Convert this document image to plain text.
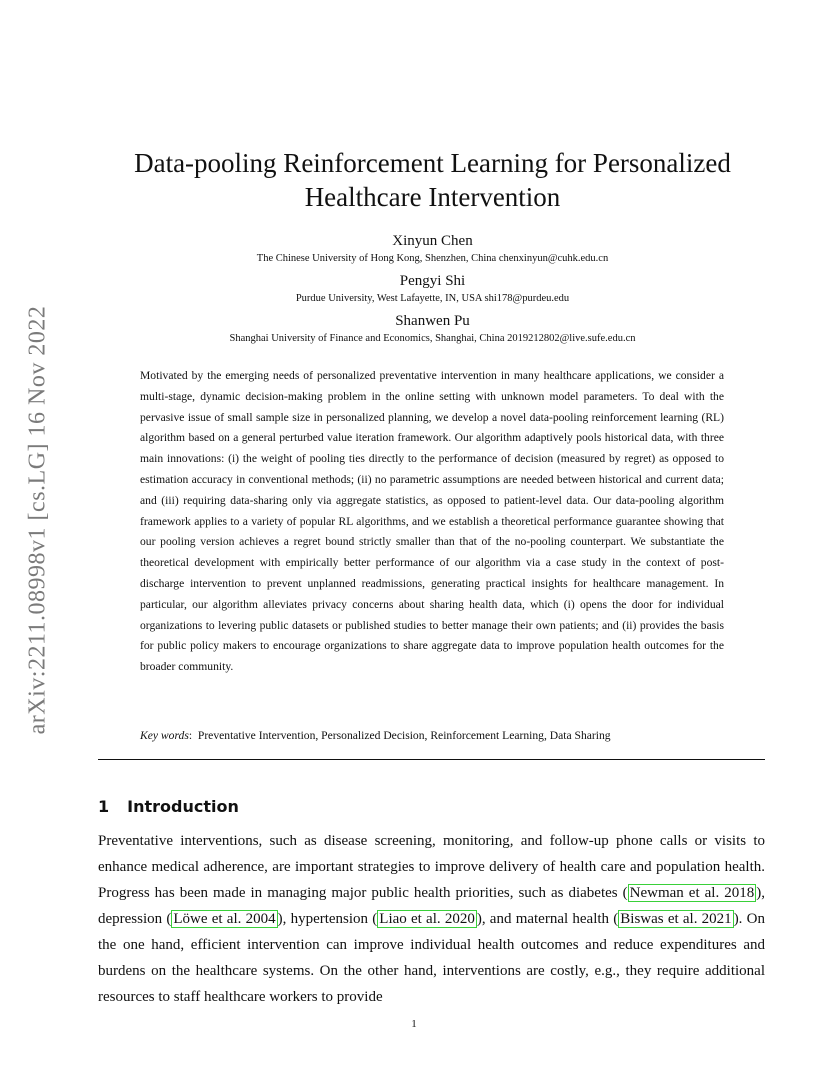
arXiv:2211.08998v1 [cs.LG] 16 Nov 2022
Data-pooling Reinforcement Learning for Personalized Healthcare Intervention
Xinyun Chen
The Chinese University of Hong Kong, Shenzhen, China chenxinyun@cuhk.edu.cn
Pengyi Shi
Purdue University, West Lafayette, IN, USA shi178@purdeu.edu
Shanwen Pu
Shanghai University of Finance and Economics, Shanghai, China 2019212802@live.sufe.edu.cn

Motivated by the emerging needs of personalized preventative intervention in many healthcare applications, we consider a multi-stage, dynamic decision-making problem in the online setting with unknown model parameters. To deal with the pervasive issue of small sample size in personalized planning, we develop a novel data-pooling reinforcement learning (RL) algorithm based on a general perturbed value iteration framework. Our algorithm adaptively pools historical data, with three main innovations: (i) the weight of pooling ties directly to the performance of decision (measured by regret) as opposed to estimation accuracy in conventional methods; (ii) no parametric assumptions are needed between historical and current data; and (iii) requiring data-sharing only via aggregate statistics, as opposed to patient-level data. Our data-pooling algorithm framework applies to a variety of popular RL algorithms, and we establish a theoretical performance guarantee showing that our pooling version achieves a regret bound strictly smaller than that of the no-pooling counterpart. We substantiate the theoretical development with empirically better performance of our algorithm via a case study in the context of post-discharge intervention to prevent unplanned readmissions, generating practical insights for healthcare management. In particular, our algorithm alleviates privacy concerns about sharing health data, which (i) opens the door for individual organizations to levering public datasets or published studies to better manage their own patients; and (ii) provides the basis for public policy makers to encourage organizations to share aggregate data to improve population health outcomes for the broader community.

Key words:  Preventative Intervention, Personalized Decision, Reinforcement Learning, Data Sharing
1 Introduction

Preventative interventions, such as disease screening, monitoring, and follow-up phone calls or visits to enhance medical adherence, are important strategies to improve delivery of health care and population health. Progress has been made in managing major public health priorities, such as diabetes ( Newman et al. 2018 ), depression ( Löwe et al. 2004 ), hypertension ( Liao et al. 2020 ), and maternal health ( Biswas et al. 2021 ). On the one hand, efficient intervention can improve individual health outcomes and reduce expenditures and burdens on the healthcare systems. On the other hand, interventions are costly, e.g., they require additional resources to staff healthcare workers to provide

1
